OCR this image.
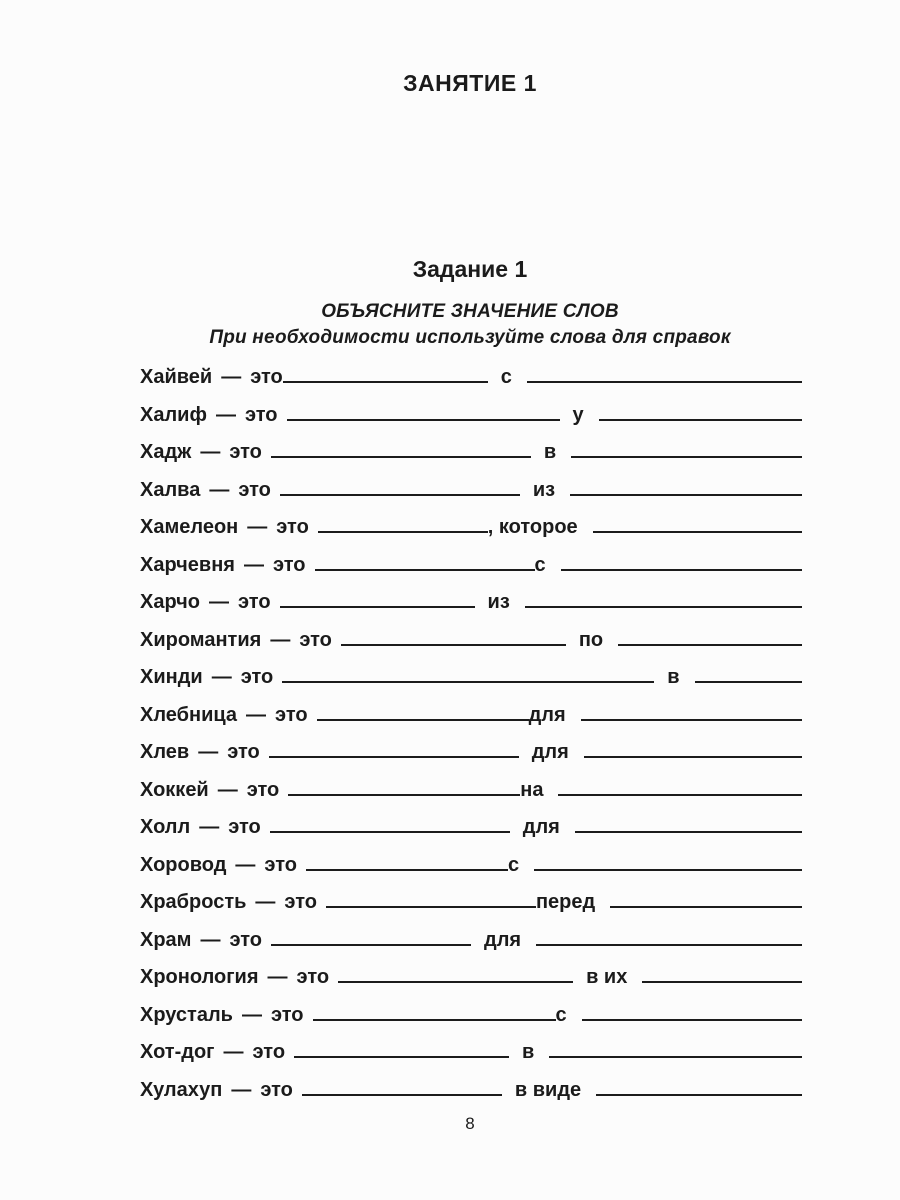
ЗАНЯТИЕ 1
Задание 1
ОБЪЯСНИТЕ ЗНАЧЕНИЕ СЛОВ
При необходимости используйте слова для справок
Хайвей — это	с
Халиф — это	у
Хадж — это	в
Халва — это	из
Хамелеон — это	, которое
Харчевня — это	с
Харчо — это	из
Хиромантия — это	по
Хинди — это	в
Хлебница — это	для
Хлев — это	для
Хоккей — это	на
Холл — это	для
Хоровод — это	с
Храбрость — это	перед
Храм — это	для
Хронология — это	в их
Хрусталь — это	с
Хот-дог — это	в
Хулахуп — это	в виде
8
